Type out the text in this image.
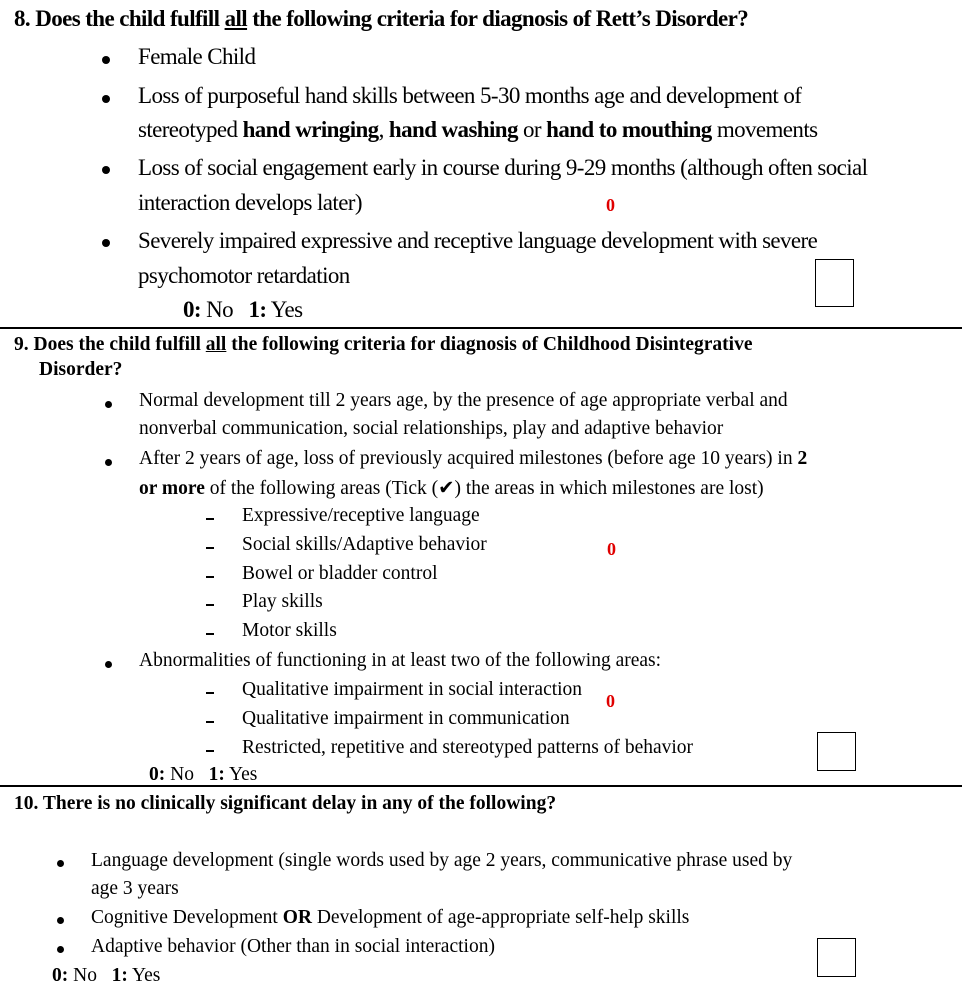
8. Does the child fulfill all the following criteria for diagnosis of Rett’s Disorder?
Female Child
Loss of purposeful hand skills between 5-30 months age and development of
stereotyped hand wringing, hand washing or hand to mouthing movements
Loss of social engagement early in course during 9-29 months (although often social
interaction develops later)	0
Severely impaired expressive and receptive language development with severe
psychomotor retardation
0: No 1: Yes
9. Does the child fulfill all the following criteria for diagnosis of Childhood Disintegrative
Disorder?
Normal development till 2 years age, by the presence of age appropriate verbal and
nonverbal communication, social relationships, play and adaptive behavior
After 2 years of age, loss of previously acquired milestones (before age 10 years) in 2
or more of the following areas (Tick (✔) the areas in which milestones are lost)
Expressive/receptive language
Social skills/Adaptive behavior	0
Bowel or bladder control
Play skills
Motor skills
Abnormalities of functioning in at least two of the following areas:
Qualitative impairment in social interaction
0
Qualitative impairment in communication
Restricted, repetitive and stereotyped patterns of behavior
0: No 1: Yes
10. There is no clinically significant delay in any of the following?
Language development (single words used by age 2 years, communicative phrase used by
age 3 years
Cognitive Development OR Development of age-appropriate self-help skills
Adaptive behavior (Other than in social interaction)
0: No 1: Yes
